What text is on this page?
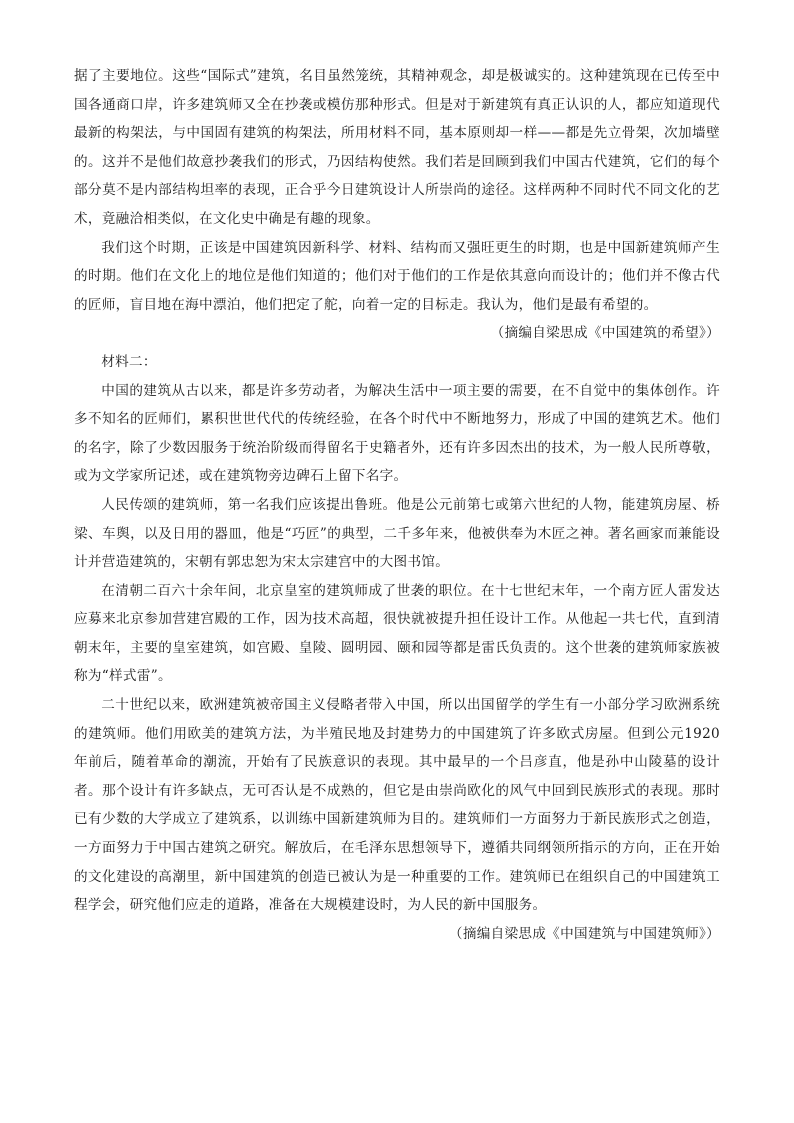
据了主要地位。这些“国际式”建筑，名目虽然笼统，其精神观念，却是极诚实的。这种建筑现在已传至中国各通商口岸，许多建筑师又全在抄袭或模仿那种形式。但是对于新建筑有真正认识的人，都应知道现代最新的构架法，与中国固有建筑的构架法，所用材料不同，基本原则却一样——都是先立骨架，次加墙壁的。这并不是他们故意抄袭我们的形式，乃因结构使然。我们若是回顾到我们中国古代建筑，它们的每个部分莫不是内部结构坦率的表现，正合乎今日建筑设计人所崇尚的途径。这样两种不同时代不同文化的艺术，竟融洽相类似，在文化史中确是有趣的现象。

我们这个时期，正该是中国建筑因新科学、材料、结构而又强旺更生的时期，也是中国新建筑师产生的时期。他们在文化上的地位是他们知道的；他们对于他们的工作是依其意向而设计的；他们并不像古代的匠师，盲目地在海中漂泊，他们把定了舵，向着一定的目标走。我认为，他们是最有希望的。

（摘编自梁思成《中国建筑的希望》）

材料二：

中国的建筑从古以来，都是许多劳动者，为解决生活中一项主要的需要，在不自觉中的集体创作。许多不知名的匠师们，累积世世代代的传统经验，在各个时代中不断地努力，形成了中国的建筑艺术。他们的名字，除了少数因服务于统治阶级而得留名于史籍者外，还有许多因杰出的技术，为一般人民所尊敬，或为文学家所记述，或在建筑物旁边碑石上留下名字。

人民传颂的建筑师，第一名我们应该提出鲁班。他是公元前第七或第六世纪的人物，能建筑房屋、桥梁、车舆，以及日用的器皿，他是“巧匠”的典型，二千多年来，他被供奉为木匠之神。著名画家而兼能设计并营造建筑的，宋朝有郭忠恕为宋太宗建宫中的大图书馆。

在清朝二百六十余年间，北京皇室的建筑师成了世袭的职位。在十七世纪末年，一个南方匠人雷发达应募来北京参加营建宫殿的工作，因为技术高超，很快就被提升担任设计工作。从他起一共七代，直到清朝末年，主要的皇室建筑，如宫殿、皇陵、圆明园、颐和园等都是雷氏负责的。这个世袭的建筑师家族被称为“样式雷”。

二十世纪以来，欧洲建筑被帝国主义侵略者带入中国，所以出国留学的学生有一小部分学习欧洲系统的建筑师。他们用欧美的建筑方法，为半殖民地及封建势力的中国建筑了许多欧式房屋。但到公元1920年前后，随着革命的潮流，开始有了民族意识的表现。其中最早的一个吕彦直，他是孙中山陵墓的设计者。那个设计有许多缺点，无可否认是不成熟的，但它是由崇尚欧化的风气中回到民族形式的表现。那时已有少数的大学成立了建筑系，以训练中国新建筑师为目的。建筑师们一方面努力于新民族形式之创造，一方面努力于中国古建筑之研究。解放后，在毛泽东思想领导下，遵循共同纲领所指示的方向，正在开始的文化建设的高潮里，新中国建筑的创造已被认为是一种重要的工作。建筑师已在组织自己的中国建筑工程学会，研究他们应走的道路，准备在大规模建设时，为人民的新中国服务。

（摘编自梁思成《中国建筑与中国建筑师》）
